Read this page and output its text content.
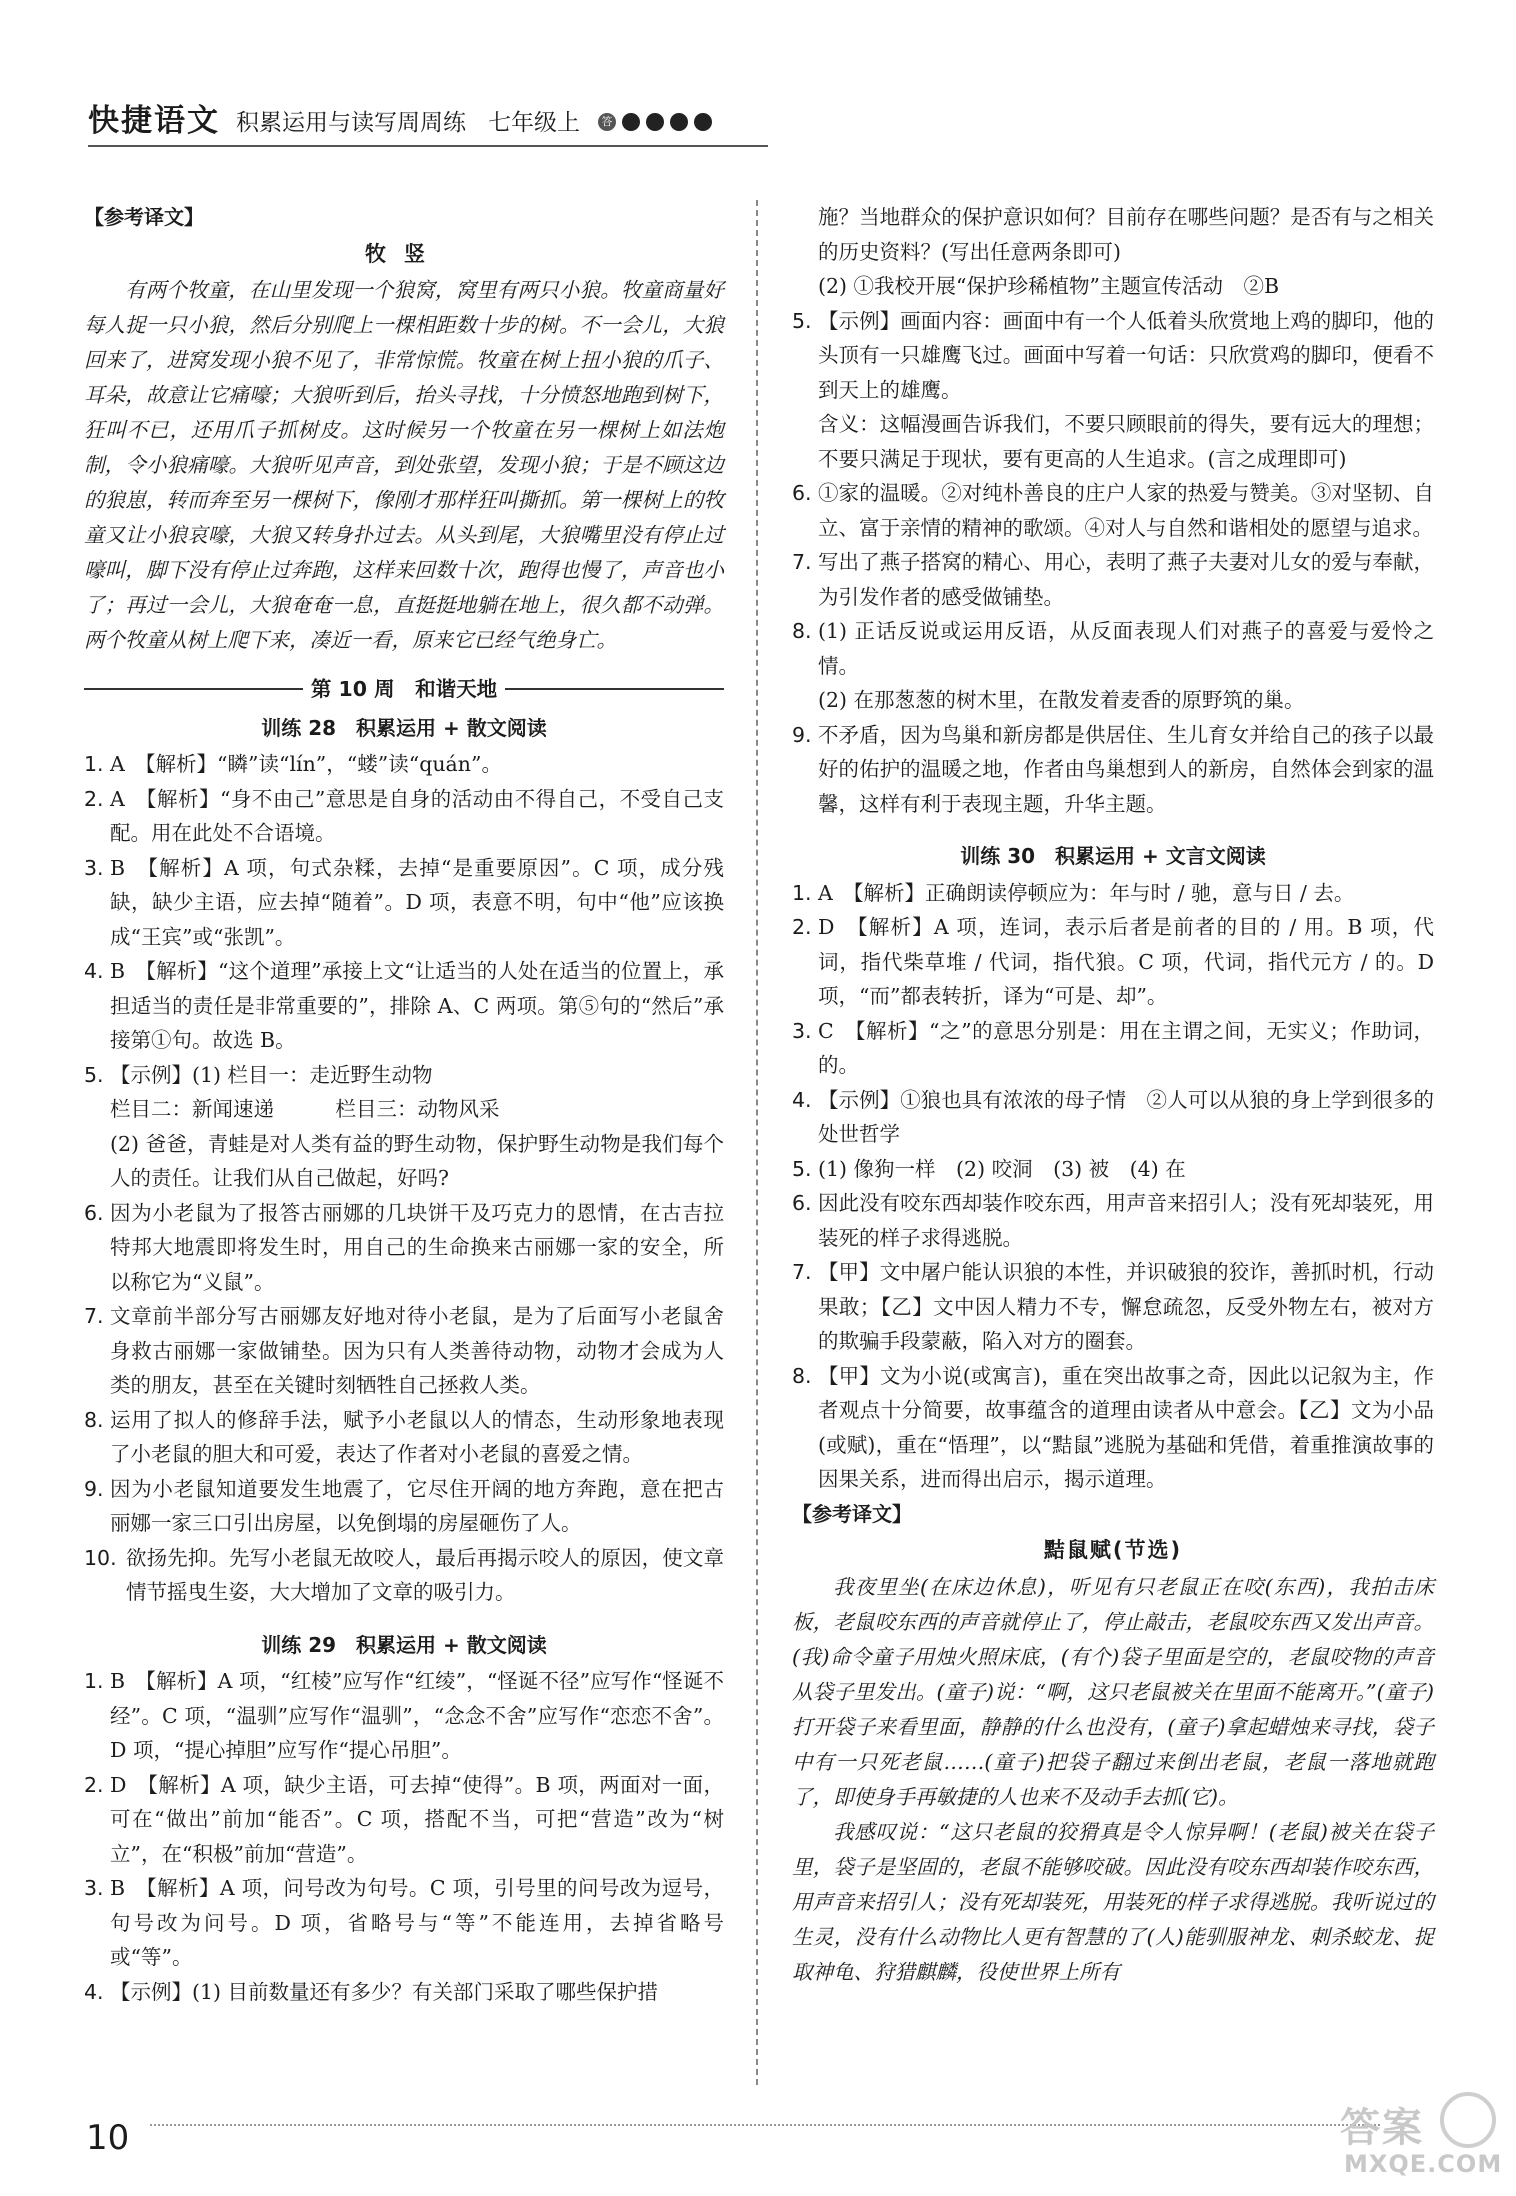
快捷语文 积累运用与读写周周练 七年级上	答
【参考译文】
牧竖
有两个牧童，在山里发现一个狼窝，窝里有两只小狼。牧童商量好每人捉一只小狼，然后分别爬上一棵相距数十步的树。不一会儿，大狼回来了，进窝发现小狼不见了，非常惊慌。牧童在树上扭小狼的爪子、耳朵，故意让它痛嚎；大狼听到后，抬头寻找，十分愤怒地跑到树下，狂叫不已，还用爪子抓树皮。这时候另一个牧童在另一棵树上如法炮制，令小狼痛嚎。大狼听见声音，到处张望，发现小狼；于是不顾这边的狼崽，转而奔至另一棵树下，像刚才那样狂叫撕抓。第一棵树上的牧童又让小狼哀嚎，大狼又转身扑过去。从头到尾，大狼嘴里没有停止过嚎叫，脚下没有停止过奔跑，这样来回数十次，跑得也慢了，声音也小了；再过一会儿，大狼奄奄一息，直挺挺地躺在地上，很久都不动弹。两个牧童从树上爬下来，凑近一看，原来它已经气绝身亡。
第 10 周　和谐天地
训练 28　积累运用 + 散文阅读
1. A　【解析】“瞵”读“lín”，“蝼”读“quán”。
2. A　【解析】“身不由己”意思是自身的活动由不得自己，不受自己支配。用在此处不合语境。
3. B　【解析】A 项，句式杂糅，去掉“是重要原因”。C 项，成分残缺，缺少主语，应去掉“随着”。D 项，表意不明，句中“他”应该换成“王宾”或“张凯”。
4. B　【解析】“这个道理”承接上文“让适当的人处在适当的位置上，承担适当的责任是非常重要的”，排除 A、C 两项。第⑤句的“然后”承接第①句。故选 B。
5. 【示例】(1) 栏目一：走近野生动物
栏目二：新闻速递　　　栏目三：动物风采
(2) 爸爸，青蛙是对人类有益的野生动物，保护野生动物是我们每个人的责任。让我们从自己做起，好吗?
6. 因为小老鼠为了报答古丽娜的几块饼干及巧克力的恩情，在古吉拉特邦大地震即将发生时，用自己的生命换来古丽娜一家的安全，所以称它为“义鼠”。
7. 文章前半部分写古丽娜友好地对待小老鼠，是为了后面写小老鼠舍身救古丽娜一家做铺垫。因为只有人类善待动物，动物才会成为人类的朋友，甚至在关键时刻牺牲自己拯救人类。
8. 运用了拟人的修辞手法，赋予小老鼠以人的情态，生动形象地表现了小老鼠的胆大和可爱，表达了作者对小老鼠的喜爱之情。
9. 因为小老鼠知道要发生地震了，它尽住开阔的地方奔跑，意在把古丽娜一家三口引出房屋，以免倒塌的房屋砸伤了人。
10. 欲扬先抑。先写小老鼠无故咬人，最后再揭示咬人的原因，使文章情节摇曳生姿，大大增加了文章的吸引力。
训练 29　积累运用 + 散文阅读
1. B　【解析】A 项，“红棱”应写作“红绫”，“怪诞不径”应写作“怪诞不经”。C 项，“温驯”应写作“温驯”，“念念不舍”应写作“恋恋不舍”。D 项，“提心掉胆”应写作“提心吊胆”。
2. D　【解析】A 项，缺少主语，可去掉“使得”。B 项，两面对一面，可在“做出”前加“能否”。C 项，搭配不当，可把“营造”改为“树立”，在“积极”前加“营造”。
3. B　【解析】A 项，问号改为句号。C 项，引号里的问号改为逗号，句号改为问号。D 项，省略号与“等”不能连用，去掉省略号或“等”。
4. 【示例】(1) 目前数量还有多少？有关部门采取了哪些保护措
施？当地群众的保护意识如何？目前存在哪些问题？是否有与之相关的历史资料？(写出任意两条即可)
(2) ①我校开展“保护珍稀植物”主题宣传活动　②B
5. 【示例】画面内容：画面中有一个人低着头欣赏地上鸡的脚印，他的头顶有一只雄鹰飞过。画面中写着一句话：只欣赏鸡的脚印，便看不到天上的雄鹰。
含义：这幅漫画告诉我们，不要只顾眼前的得失，要有远大的理想；不要只满足于现状，要有更高的人生追求。(言之成理即可)
6. ①家的温暖。②对纯朴善良的庄户人家的热爱与赞美。③对坚韧、自立、富于亲情的精神的歌颂。④对人与自然和谐相处的愿望与追求。
7. 写出了燕子搭窝的精心、用心，表明了燕子夫妻对儿女的爱与奉献，为引发作者的感受做铺垫。
8. (1) 正话反说或运用反语，从反面表现人们对燕子的喜爱与爱怜之情。
(2) 在那葱葱的树木里，在散发着麦香的原野筑的巢。
9. 不矛盾，因为鸟巢和新房都是供居住、生儿育女并给自己的孩子以最好的佑护的温暖之地，作者由鸟巢想到人的新房，自然体会到家的温馨，这样有利于表现主题，升华主题。
训练 30　积累运用 + 文言文阅读
1. A　【解析】正确朗读停顿应为：年与时 / 驰，意与日 / 去。
2. D　【解析】A 项，连词，表示后者是前者的目的 / 用。B 项，代词，指代柴草堆 / 代词，指代狼。C 项，代词，指代元方 / 的。D 项，“而”都表转折，译为“可是、却”。
3. C　【解析】“之”的意思分别是：用在主谓之间，无实义；作助词，的。
4. 【示例】①狼也具有浓浓的母子情　②人可以从狼的身上学到很多的处世哲学
5. (1) 像狗一样　(2) 咬洞　(3) 被　(4) 在
6. 因此没有咬东西却装作咬东西，用声音来招引人；没有死却装死，用装死的样子求得逃脱。
7. 【甲】文中屠户能认识狼的本性，并识破狼的狡诈，善抓时机，行动果敢；【乙】文中因人精力不专，懈怠疏忽，反受外物左右，被对方的欺骗手段蒙蔽，陷入对方的圈套。
8. 【甲】文为小说(或寓言)，重在突出故事之奇，因此以记叙为主，作者观点十分简要，故事蕴含的道理由读者从中意会。【乙】文为小品(或赋)，重在“悟理”，以“黠鼠”逃脱为基础和凭借，着重推演故事的因果关系，进而得出启示，揭示道理。
【参考译文】
黠鼠赋(节选)
我夜里坐(在床边休息)，听见有只老鼠正在咬(东西)，我拍击床板，老鼠咬东西的声音就停止了，停止敲击，老鼠咬东西又发出声音。(我)命令童子用烛火照床底，(有个)袋子里面是空的，老鼠咬物的声音从袋子里发出。(童子)说：“啊，这只老鼠被关在里面不能离开。”(童子)打开袋子来看里面，静静的什么也没有，(童子)拿起蜡烛来寻找，袋子中有一只死老鼠……(童子)把袋子翻过来倒出老鼠，老鼠一落地就跑了，即使身手再敏捷的人也来不及动手去抓(它)。
我感叹说：“这只老鼠的狡猾真是令人惊异啊！(老鼠)被关在袋子里，袋子是坚固的，老鼠不能够咬破。因此没有咬东西却装作咬东西，用声音来招引人；没有死却装死，用装死的样子求得逃脱。我听说过的生灵，没有什么动物比人更有智慧的了(人)能驯服神龙、刺杀蛟龙、捉取神龟、狩猎麒麟，役使世界上所有
10	答案
MXQE.COM
